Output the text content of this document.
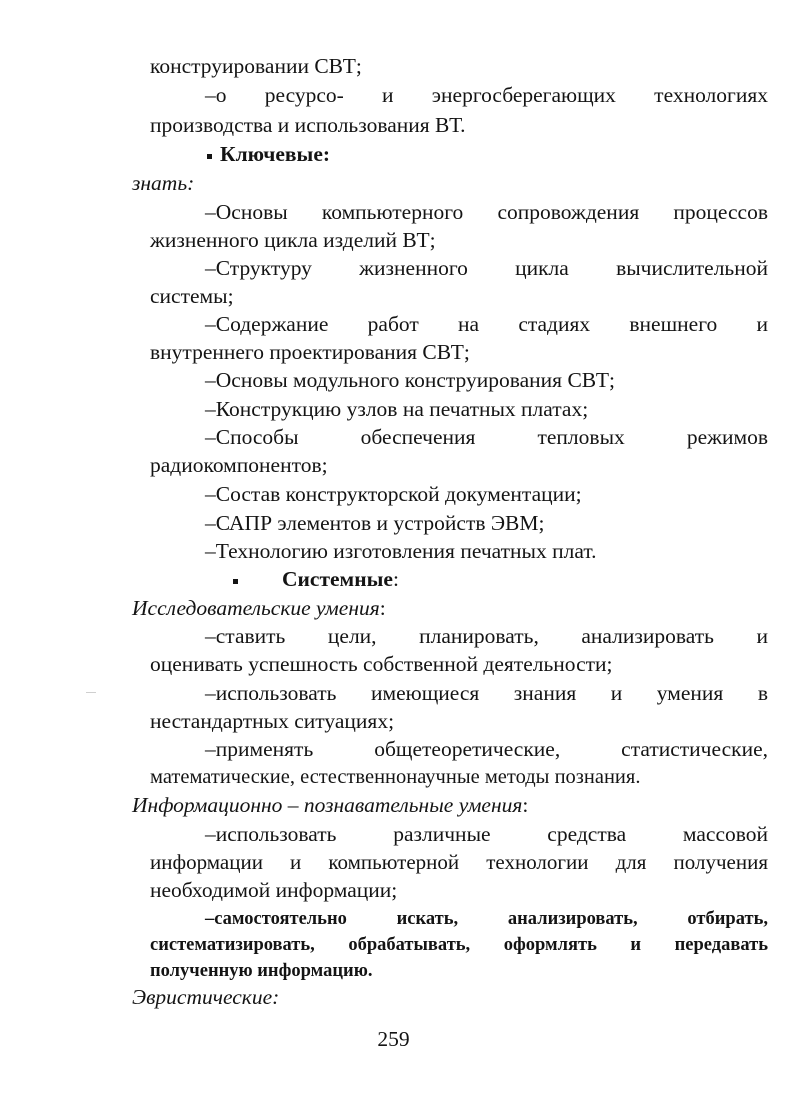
конструировании СВТ;
–о ресурсо- и энергосберегающих технологиях
производства и использования ВТ.
Ключевые:
знать:
–Основы компьютерного сопровождения процессов
жизненного цикла изделий ВТ;
–Структуру жизненного цикла вычислительной
системы;
–Содержание работ на стадиях внешнего и
внутреннего проектирования СВТ;
–Основы модульного конструирования СВТ;
–Конструкцию узлов на печатных платах;
–Способы обеспечения тепловых режимов
радиокомпонентов;
–Состав конструкторской документации;
–САПР элементов и устройств ЭВМ;
–Технологию изготовления печатных плат.
Системные:
Исследовательские умения:
–ставить цели, планировать, анализировать и
оценивать успешность собственной деятельности;
–использовать имеющиеся знания и умения в
нестандартных ситуациях;
–применять общетеоретические, статистические,
математические, естественнонаучные методы познания.
Информационно – познавательные умения:
–использовать различные средства массовой
информации и компьютерной технологии для получения
необходимой информации;
–самостоятельно искать, анализировать, отбирать,
систематизировать, обрабатывать, оформлять и передавать
полученную информацию.
Эвристические:
259
